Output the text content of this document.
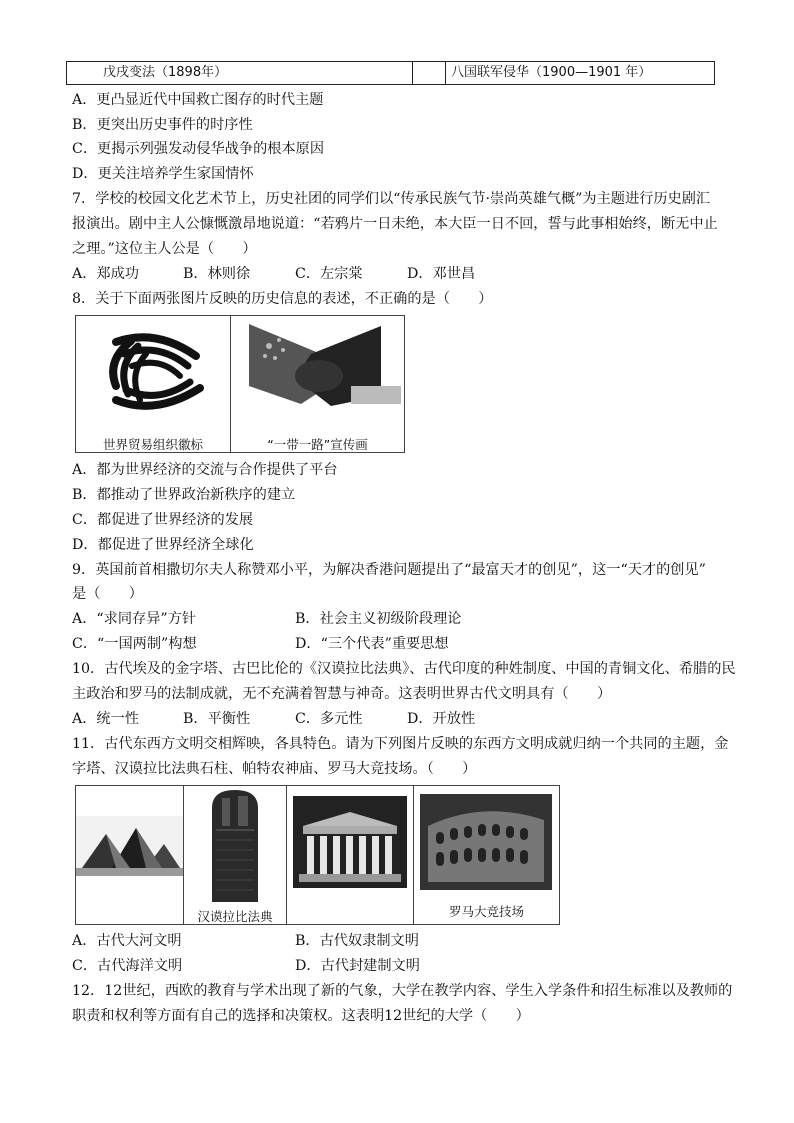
戊戌变法（1898年）	八国联军侵华（1900—1901 年）
A．更凸显近代中国救亡图存的时代主题
B．更突出历史事件的时序性
C．更揭示列强发动侵华战争的根本原因
D．更关注培养学生家国情怀
7．学校的校园文化艺术节上，历史社团的同学们以“传承民族气节·崇尚英雄气概”为主题进行历史剧汇
报演出。剧中主人公慷慨激昂地说道：“若鸦片一日未绝，本大臣一日不回，誓与此事相始终，断无中止
之理。”这位主人公是（　　）
A．郑成功	B．林则徐	C．左宗棠	D．邓世昌
8．关于下面两张图片反映的历史信息的表述，不正确的是（　　）
世界贸易组织徽标	“一带一路”宣传画
A．都为世界经济的交流与合作提供了平台
B．都推动了世界政治新秩序的建立
C．都促进了世界经济的发展
D．都促进了世界经济全球化
9．英国前首相撒切尔夫人称赞邓小平，为解决香港问题提出了“最富天才的创见”，这一“天才的创见”
是（　　）
A．“求同存异”方针	B．社会主义初级阶段理论
C．“一国两制”构想	D．“三个代表”重要思想
10．古代埃及的金字塔、古巴比伦的《汉谟拉比法典》、古代印度的种姓制度、中国的青铜文化、希腊的民
主政治和罗马的法制成就，无不充满着智慧与神奇。这表明世界古代文明具有（　　）
A．统一性	B．平衡性	C．多元性	D．开放性
11．古代东西方文明交相辉映，各具特色。请为下列图片反映的东西方文明成就归纳一个共同的主题，金
字塔、汉谟拉比法典石柱、帕特农神庙、罗马大竞技场。（　　）
汉谟拉比法典	罗马大竞技场
A．古代大河文明	B．古代奴隶制文明
C．古代海洋文明	D．古代封建制文明
12．12世纪，西欧的教育与学术出现了新的气象，大学在教学内容、学生入学条件和招生标准以及教师的
职责和权利等方面有自己的选择和决策权。这表明12世纪的大学（　　）
